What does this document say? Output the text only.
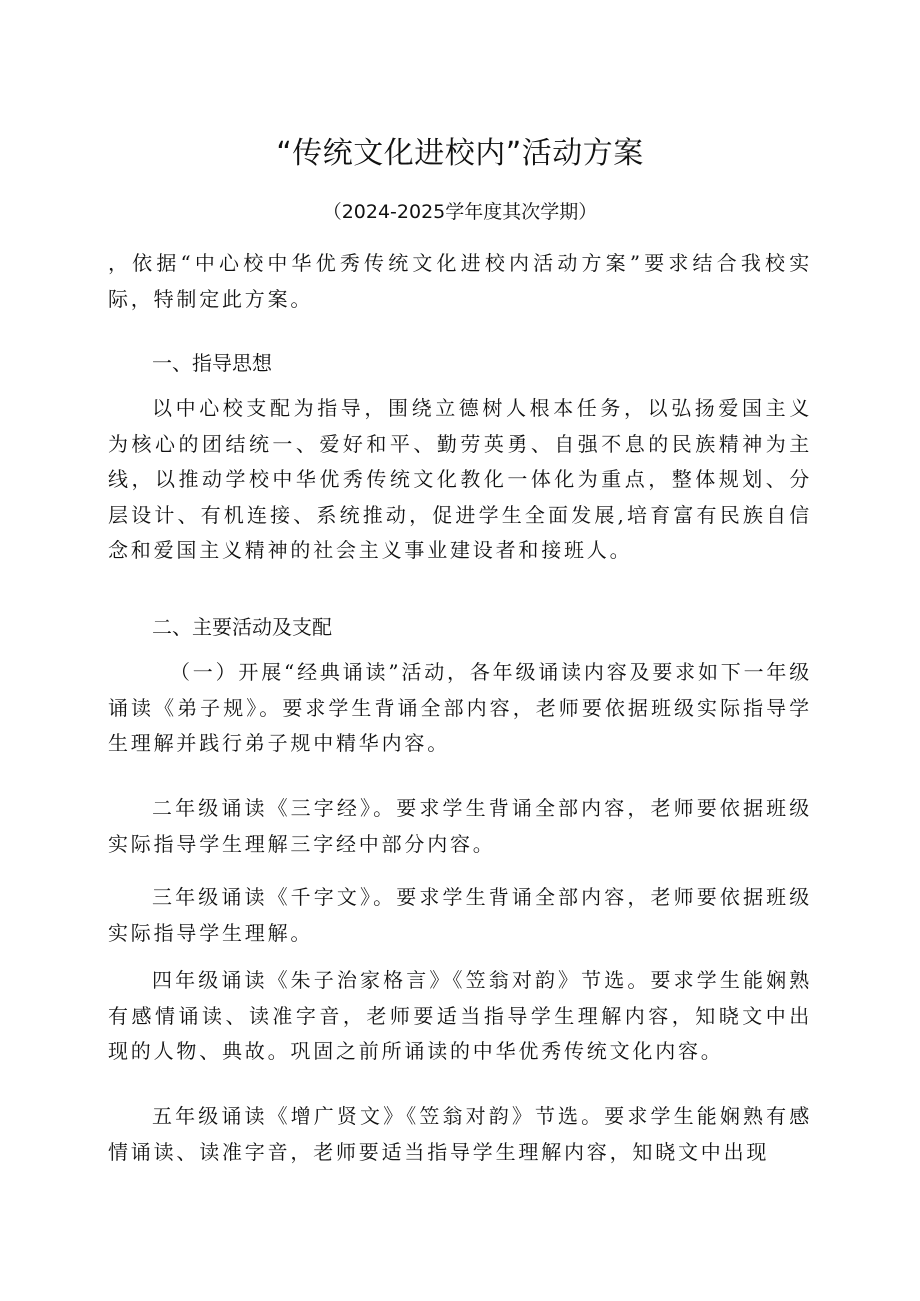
“传统文化进校内”活动方案
（2024-2025学年度其次学期）
，依据“中心校中华优秀传统文化进校内活动方案”要求结合我校实际，特制定此方案。
一、指导思想
以中心校支配为指导，围绕立德树人根本任务，以弘扬爱国主义为核心的团结统一、爱好和平、勤劳英勇、自强不息的民族精神为主线，以推动学校中华优秀传统文化教化一体化为重点，整体规划、分层设计、有机连接、系统推动，促进学生全面发展,培育富有民族自信念和爱国主义精神的社会主义事业建设者和接班人。
二、主要活动及支配
（一）开展“经典诵读”活动，各年级诵读内容及要求如下一年级诵读《弟子规》。要求学生背诵全部内容，老师要依据班级实际指导学生理解并践行弟子规中精华内容。
二年级诵读《三字经》。要求学生背诵全部内容，老师要依据班级实际指导学生理解三字经中部分内容。
三年级诵读《千字文》。要求学生背诵全部内容，老师要依据班级实际指导学生理解。
四年级诵读《朱子治家格言》《笠翁对韵》节选。要求学生能娴熟有感情诵读、读准字音，老师要适当指导学生理解内容，知晓文中出现的人物、典故。巩固之前所诵读的中华优秀传统文化内容。
五年级诵读《增广贤文》《笠翁对韵》节选。要求学生能娴熟有感情诵读、读准字音，老师要适当指导学生理解内容，知晓文中出现
